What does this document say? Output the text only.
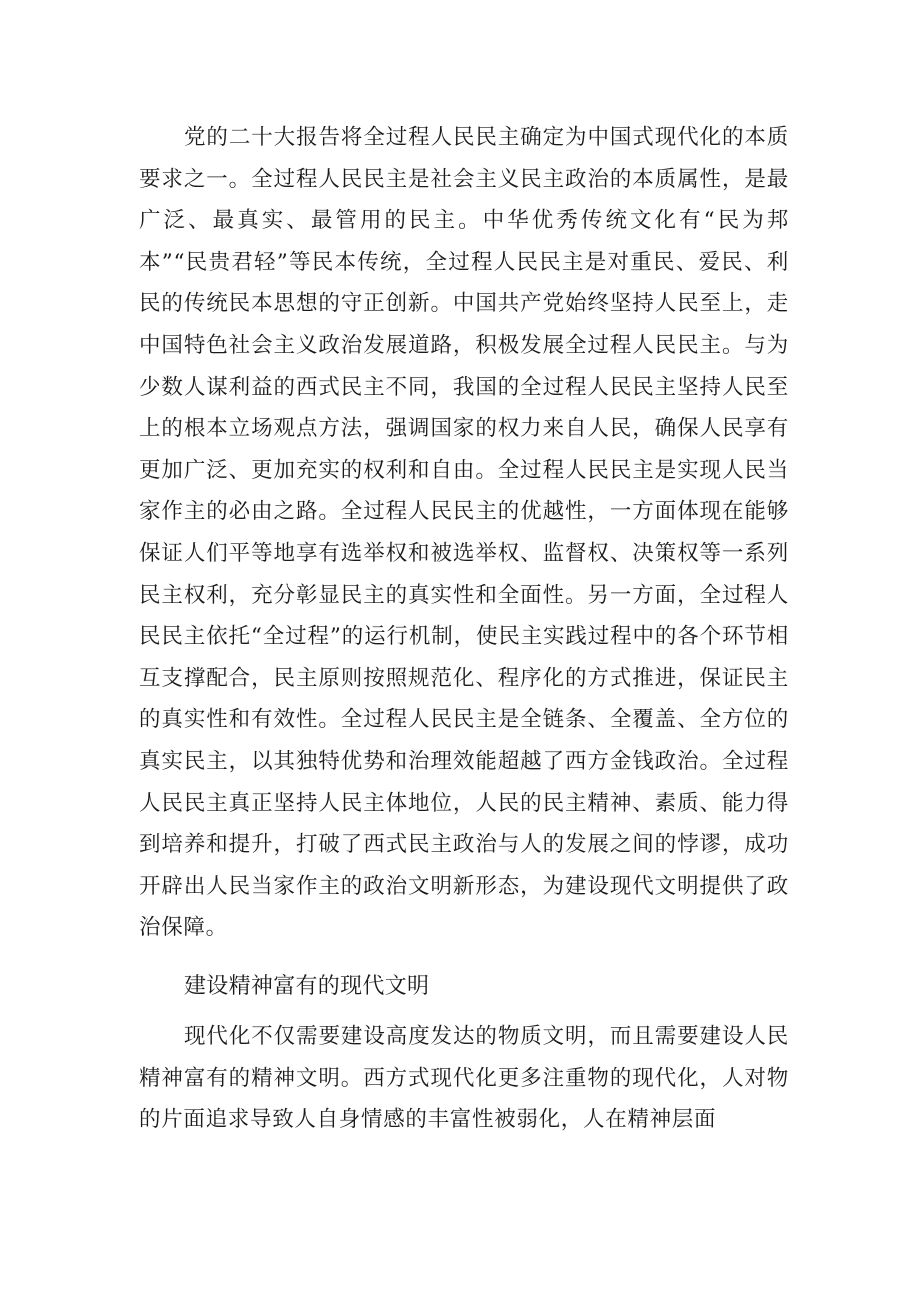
党的二十大报告将全过程人民民主确定为中国式现代化的本质要求之一。全过程人民民主是社会主义民主政治的本质属性，是最广泛、最真实、最管用的民主。中华优秀传统文化有“民为邦本”“民贵君轻”等民本传统，全过程人民民主是对重民、爱民、利民的传统民本思想的守正创新。中国共产党始终坚持人民至上，走中国特色社会主义政治发展道路，积极发展全过程人民民主。与为少数人谋利益的西式民主不同，我国的全过程人民民主坚持人民至上的根本立场观点方法，强调国家的权力来自人民，确保人民享有更加广泛、更加充实的权利和自由。全过程人民民主是实现人民当家作主的必由之路。全过程人民民主的优越性，一方面体现在能够保证人们平等地享有选举权和被选举权、监督权、决策权等一系列民主权利，充分彰显民主的真实性和全面性。另一方面，全过程人民民主依托“全过程”的运行机制，使民主实践过程中的各个环节相互支撑配合，民主原则按照规范化、程序化的方式推进，保证民主的真实性和有效性。全过程人民民主是全链条、全覆盖、全方位的真实民主，以其独特优势和治理效能超越了西方金钱政治。全过程人民民主真正坚持人民主体地位，人民的民主精神、素质、能力得到培养和提升，打破了西式民主政治与人的发展之间的悖谬，成功开辟出人民当家作主的政治文明新形态，为建设现代文明提供了政治保障。

建设精神富有的现代文明

现代化不仅需要建设高度发达的物质文明，而且需要建设人民精神富有的精神文明。西方式现代化更多注重物的现代化，人对物的片面追求导致人自身情感的丰富性被弱化，人在精神层面
